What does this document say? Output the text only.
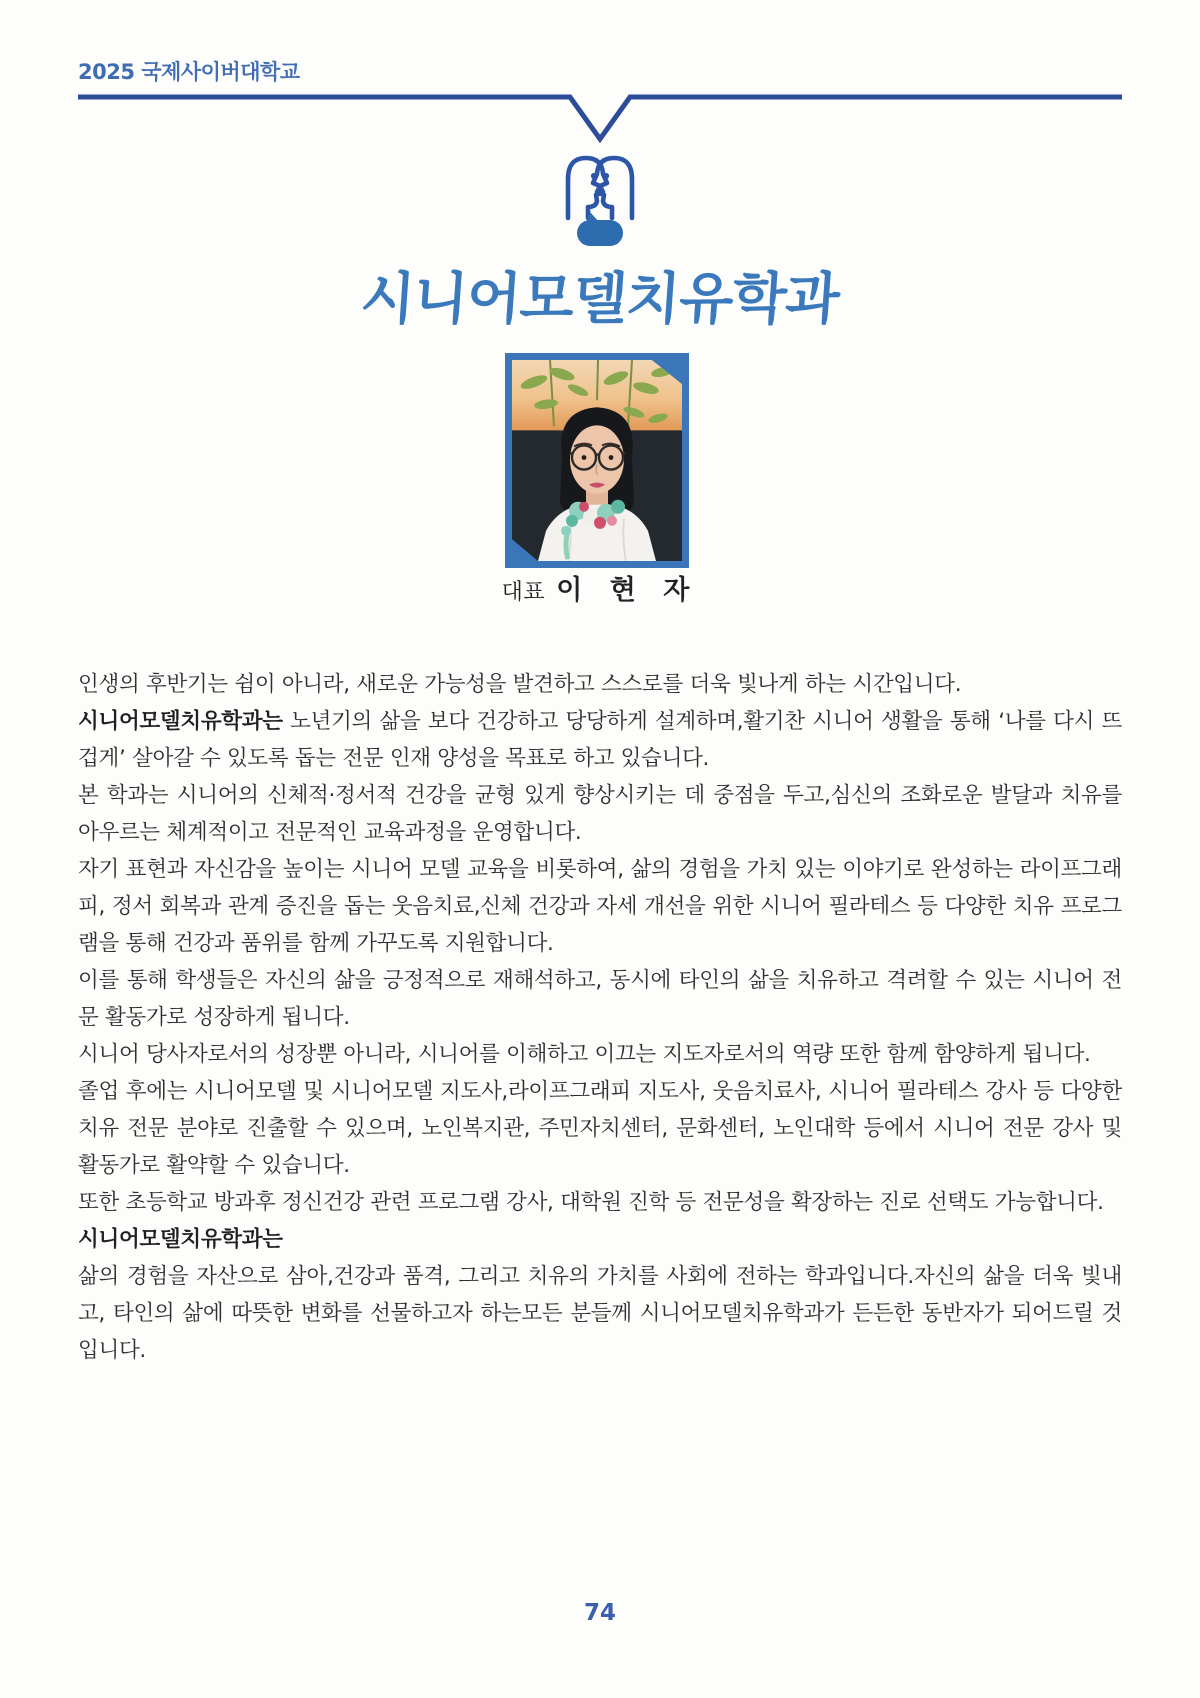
2025 국제사이버대학교
시니어모델치유학과
대표 이 현 자

인생의 후반기는 쉼이 아니라, 새로운 가능성을 발견하고 스스로를 더욱 빛나게 하는 시간입니다.

시니어모델치유학과는 노년기의 삶을 보다 건강하고 당당하게 설계하며,활기찬 시니어 생활을 통해 ‘나를 다시 뜨겁게’ 살아갈 수 있도록 돕는 전문 인재 양성을 목표로 하고 있습니다.

본 학과는 시니어의 신체적·정서적 건강을 균형 있게 향상시키는 데 중점을 두고,심신의 조화로운 발달과 치유를 아우르는 체계적이고 전문적인 교육과정을 운영합니다.

자기 표현과 자신감을 높이는 시니어 모델 교육을 비롯하여, 삶의 경험을 가치 있는 이야기로 완성하는 라이프그래피, 정서 회복과 관계 증진을 돕는 웃음치료,신체 건강과 자세 개선을 위한 시니어 필라테스 등 다양한 치유 프로그램을 통해 건강과 품위를 함께 가꾸도록 지원합니다.

이를 통해 학생들은 자신의 삶을 긍정적으로 재해석하고, 동시에 타인의 삶을 치유하고 격려할 수 있는 시니어 전문 활동가로 성장하게 됩니다.

시니어 당사자로서의 성장뿐 아니라, 시니어를 이해하고 이끄는 지도자로서의 역량 또한 함께 함양하게 됩니다.

졸업 후에는 시니어모델 및 시니어모델 지도사,라이프그래피 지도사, 웃음치료사, 시니어 필라테스 강사 등 다양한 치유 전문 분야로 진출할 수 있으며, 노인복지관, 주민자치센터, 문화센터, 노인대학 등에서 시니어 전문 강사 및 활동가로 활약할 수 있습니다.

또한 초등학교 방과후 정신건강 관련 프로그램 강사, 대학원 진학 등 전문성을 확장하는 진로 선택도 가능합니다.

시니어모델치유학과는

삶의 경험을 자산으로 삼아,건강과 품격, 그리고 치유의 가치를 사회에 전하는 학과입니다.자신의 삶을 더욱 빛내고, 타인의 삶에 따뜻한 변화를 선물하고자 하는모든 분들께 시니어모델치유학과가 든든한 동반자가 되어드릴 것입니다.

74
